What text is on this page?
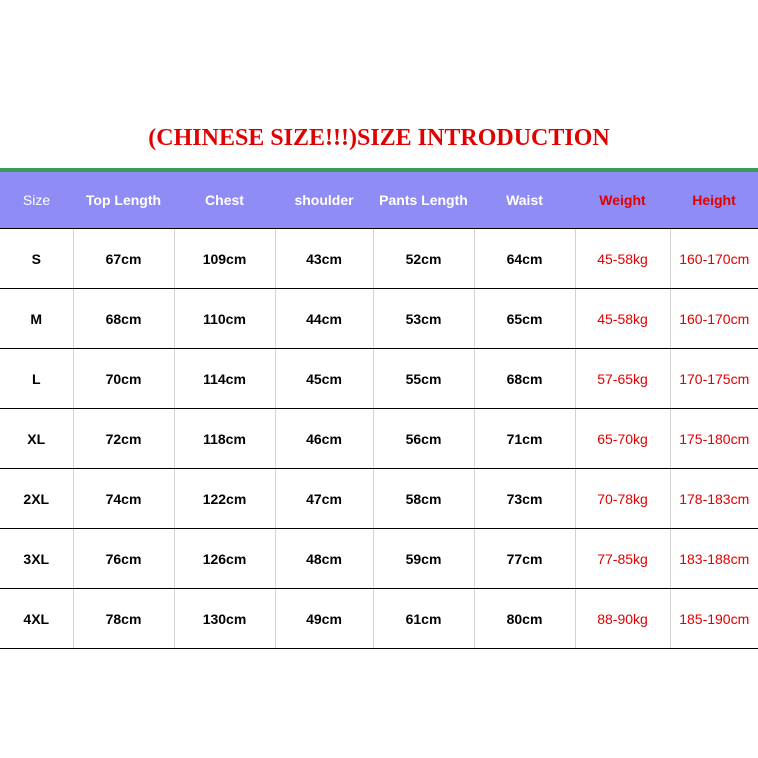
(CHINESE SIZE!!!)SIZE INTRODUCTION
Size	Top Length	Chest	shoulder	Pants Length	Waist	Weight	Height
S	67cm	109cm	43cm	52cm	64cm	45-58kg	160-170cm
M	68cm	110cm	44cm	53cm	65cm	45-58kg	160-170cm
L	70cm	114cm	45cm	55cm	68cm	57-65kg	170-175cm
XL	72cm	118cm	46cm	56cm	71cm	65-70kg	175-180cm
2XL	74cm	122cm	47cm	58cm	73cm	70-78kg	178-183cm
3XL	76cm	126cm	48cm	59cm	77cm	77-85kg	183-188cm
4XL	78cm	130cm	49cm	61cm	80cm	88-90kg	185-190cm
